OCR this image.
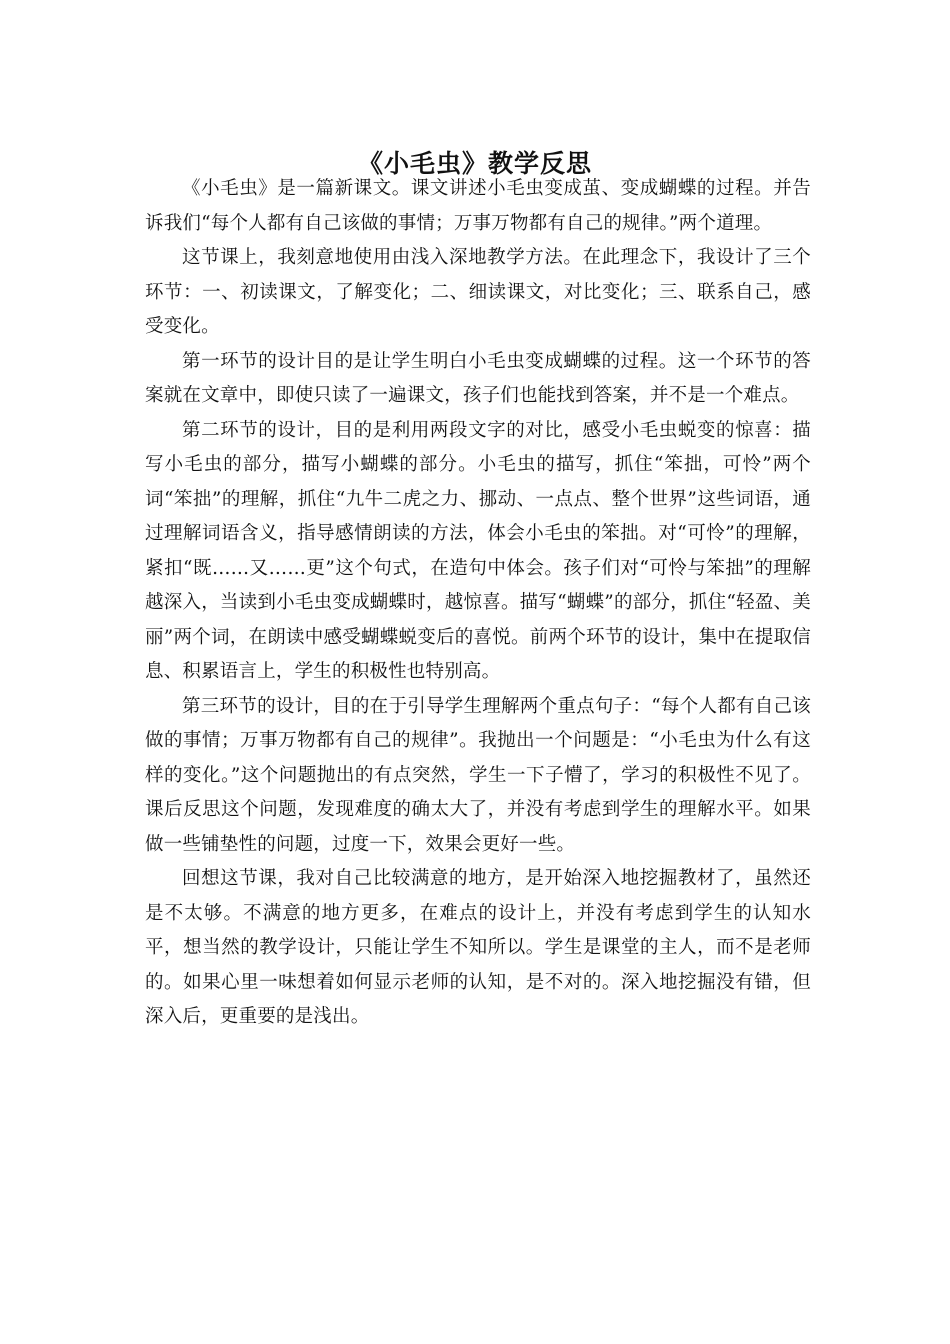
《小毛虫》教学反思

《小毛虫》是一篇新课文。课文讲述小毛虫变成茧、变成蝴蝶的过程。并告诉我们“每个人都有自己该做的事情；万事万物都有自己的规律。”两个道理。

这节课上，我刻意地使用由浅入深地教学方法。在此理念下，我设计了三个环节：一、初读课文，了解变化；二、细读课文，对比变化；三、联系自己，感受变化。

第一环节的设计目的是让学生明白小毛虫变成蝴蝶的过程。这一个环节的答案就在文章中，即使只读了一遍课文，孩子们也能找到答案，并不是一个难点。

第二环节的设计，目的是利用两段文字的对比，感受小毛虫蜕变的惊喜：描写小毛虫的部分，描写小蝴蝶的部分。小毛虫的描写，抓住“笨拙，可怜”两个词“笨拙”的理解，抓住“九牛二虎之力、挪动、一点点、整个世界”这些词语，通过理解词语含义，指导感情朗读的方法，体会小毛虫的笨拙。对“可怜”的理解，紧扣“既……又……更”这个句式，在造句中体会。孩子们对“可怜与笨拙”的理解越深入，当读到小毛虫变成蝴蝶时，越惊喜。描写“蝴蝶”的部分，抓住“轻盈、美丽”两个词，在朗读中感受蝴蝶蜕变后的喜悦。前两个环节的设计，集中在提取信息、积累语言上，学生的积极性也特别高。

第三环节的设计，目的在于引导学生理解两个重点句子：“每个人都有自己该做的事情；万事万物都有自己的规律”。我抛出一个问题是：“小毛虫为什么有这样的变化。”这个问题抛出的有点突然，学生一下子懵了，学习的积极性不见了。课后反思这个问题，发现难度的确太大了，并没有考虑到学生的理解水平。如果做一些铺垫性的问题，过度一下，效果会更好一些。

回想这节课，我对自己比较满意的地方，是开始深入地挖掘教材了，虽然还是不太够。不满意的地方更多，在难点的设计上，并没有考虑到学生的认知水平，想当然的教学设计，只能让学生不知所以。学生是课堂的主人，而不是老师的。如果心里一味想着如何显示老师的认知，是不对的。深入地挖掘没有错，但深入后，更重要的是浅出。
